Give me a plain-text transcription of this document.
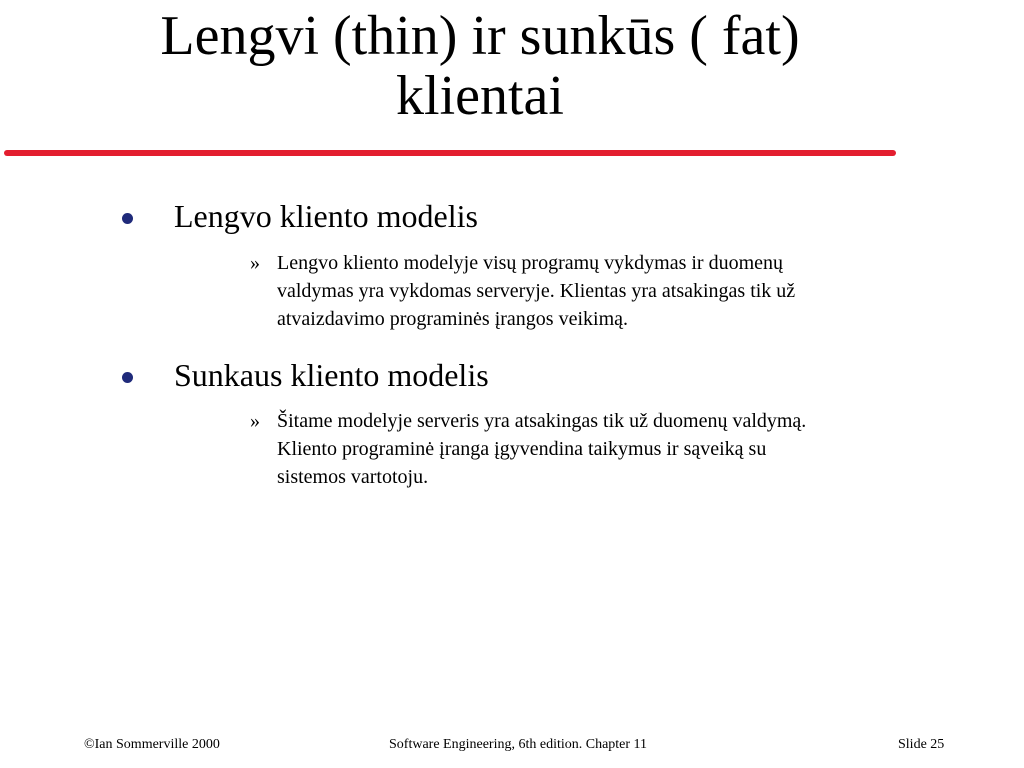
Lengvi (thin) ir sunkūs ( fat)
klientai
Lengvo kliento modelis
» Lengvo kliento modelyje visų programų vykdymas ir duomenų
valdymas yra vykdomas serveryje. Klientas yra atsakingas tik už
atvaizdavimo programinės įrangos veikimą.
Sunkaus kliento modelis
» Šitame modelyje serveris yra atsakingas tik už duomenų valdymą.
Kliento programinė įranga įgyvendina taikymus ir sąveiką su
sistemos vartotoju.
©Ian Sommerville 2000	Software Engineering, 6th edition. Chapter 11	Slide 25
